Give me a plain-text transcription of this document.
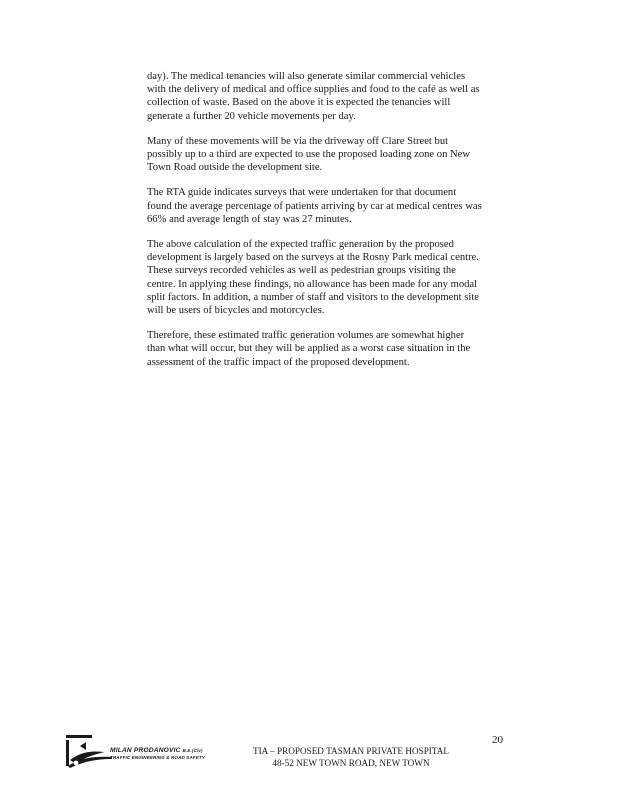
day). The medical tenancies will also generate similar commercial vehicles
with the delivery of medical and office supplies and food to the café as well as
collection of waste. Based on the above it is expected the tenancies will
generate a further 20 vehicle movements per day.

Many of these movements will be via the driveway off Clare Street but
possibly up to a third are expected to use the proposed loading zone on New
Town Road outside the development site.

The RTA guide indicates surveys that were undertaken for that document
found the average percentage of patients arriving by car at medical centres was
66% and average length of stay was 27 minutes.

The above calculation of the expected traffic generation by the proposed
development is largely based on the surveys at the Rosny Park medical centre.
These surveys recorded vehicles as well as pedestrian groups visiting the
centre. In applying these findings, no allowance has been made for any modal
split factors. In addition, a number of staff and visitors to the development site
will be users of bicycles and motorcycles.

Therefore, these estimated traffic generation volumes are somewhat higher
than what will occur, but they will be applied as a worst case situation in the
assessment of the traffic impact of the proposed development.

20
MILAN PRODANOVIC B.E.(Civ)
TRAFFIC ENGINEERING & ROAD SAFETY
TIA – PROPOSED TASMAN PRIVATE HOSPITAL
48-52 NEW TOWN ROAD, NEW TOWN
